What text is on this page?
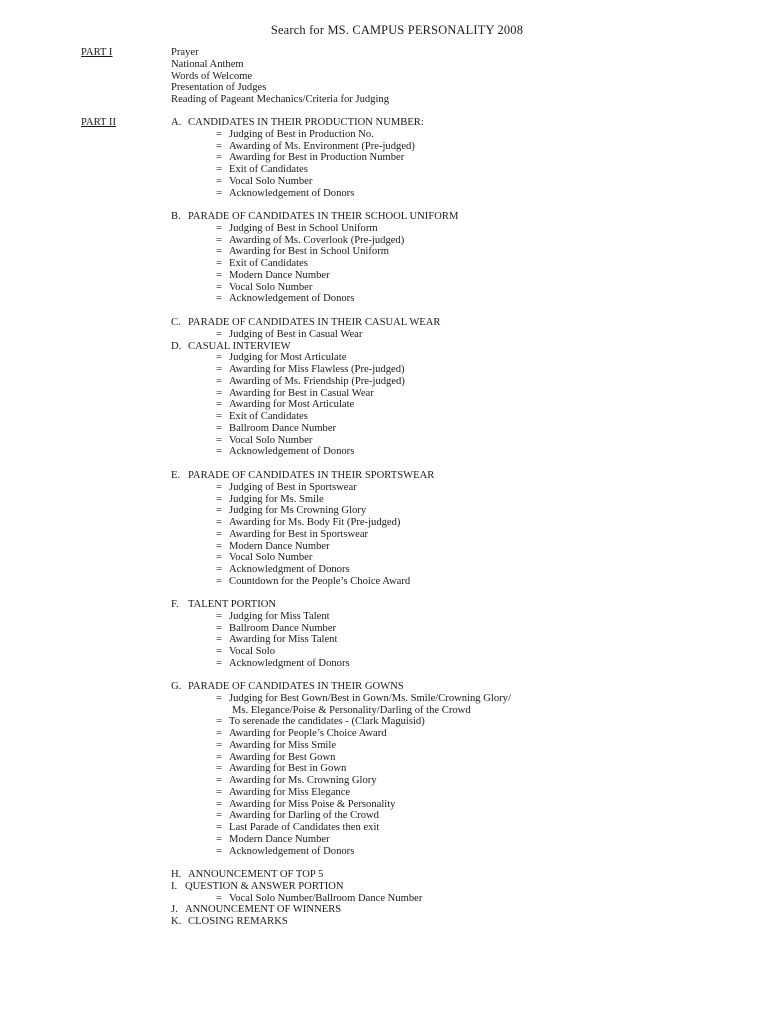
Search for MS. CAMPUS PERSONALITY 2008
PART I	Prayer
National Anthem
Words of Welcome
Presentation of Judges
Reading of Pageant Mechanics/Criteria for Judging
PART II	A. CANDIDATES IN THEIR PRODUCTION NUMBER:
= Judging of Best in Production No.
= Awarding of Ms. Environment (Pre-judged)
= Awarding for Best in Production Number
= Exit of Candidates
= Vocal Solo Number
= Acknowledgement of Donors
B. PARADE OF CANDIDATES IN THEIR SCHOOL UNIFORM
= Judging of Best in School Uniform
= Awarding of Ms. Coverlook (Pre-judged)
= Awarding for Best in School Uniform
= Exit of Candidates
= Modern Dance Number
= Vocal Solo Number
= Acknowledgement of Donors
C. PARADE OF CANDIDATES IN THEIR CASUAL WEAR
= Judging of Best in Casual Wear
D. CASUAL INTERVIEW
= Judging for Most Articulate
= Awarding for Miss Flawless (Pre-judged)
= Awarding of Ms. Friendship (Pre-judged)
= Awarding for Best in Casual Wear
= Awarding for Most Articulate
= Exit of Candidates
= Ballroom Dance Number
= Vocal Solo Number
= Acknowledgement of Donors
E. PARADE OF CANDIDATES IN THEIR SPORTSWEAR
= Judging of Best in Sportswear
= Judging for Ms. Smile
= Judging for Ms Crowning Glory
= Awarding for Ms. Body Fit (Pre-judged)
= Awarding for Best in Sportswear
= Modern Dance Number
= Vocal Solo Number
= Acknowledgment of Donors
= Countdown for the People’s Choice Award
F. TALENT PORTION
= Judging for Miss Talent
= Ballroom Dance Number
= Awarding for Miss Talent
= Vocal Solo
= Acknowledgment of Donors
G. PARADE OF CANDIDATES IN THEIR GOWNS
= Judging for Best Gown/Best in Gown/Ms. Smile/Crowning Glory/
Ms. Elegance/Poise & Personality/Darling of the Crowd
= To serenade the candidates - (Clark Maguisid)
= Awarding for People’s Choice Award
= Awarding for Miss Smile
= Awarding for Best Gown
= Awarding for Best in Gown
= Awarding for Ms. Crowning Glory
= Awarding for Miss Elegance
= Awarding for Miss Poise & Personality
= Awarding for Darling of the Crowd
= Last Parade of Candidates then exit
= Modern Dance Number
= Acknowledgement of Donors
H. ANNOUNCEMENT OF TOP 5
I. QUESTION & ANSWER PORTION
= Vocal Solo Number/Ballroom Dance Number
J. ANNOUNCEMENT OF WINNERS
K. CLOSING REMARKS
